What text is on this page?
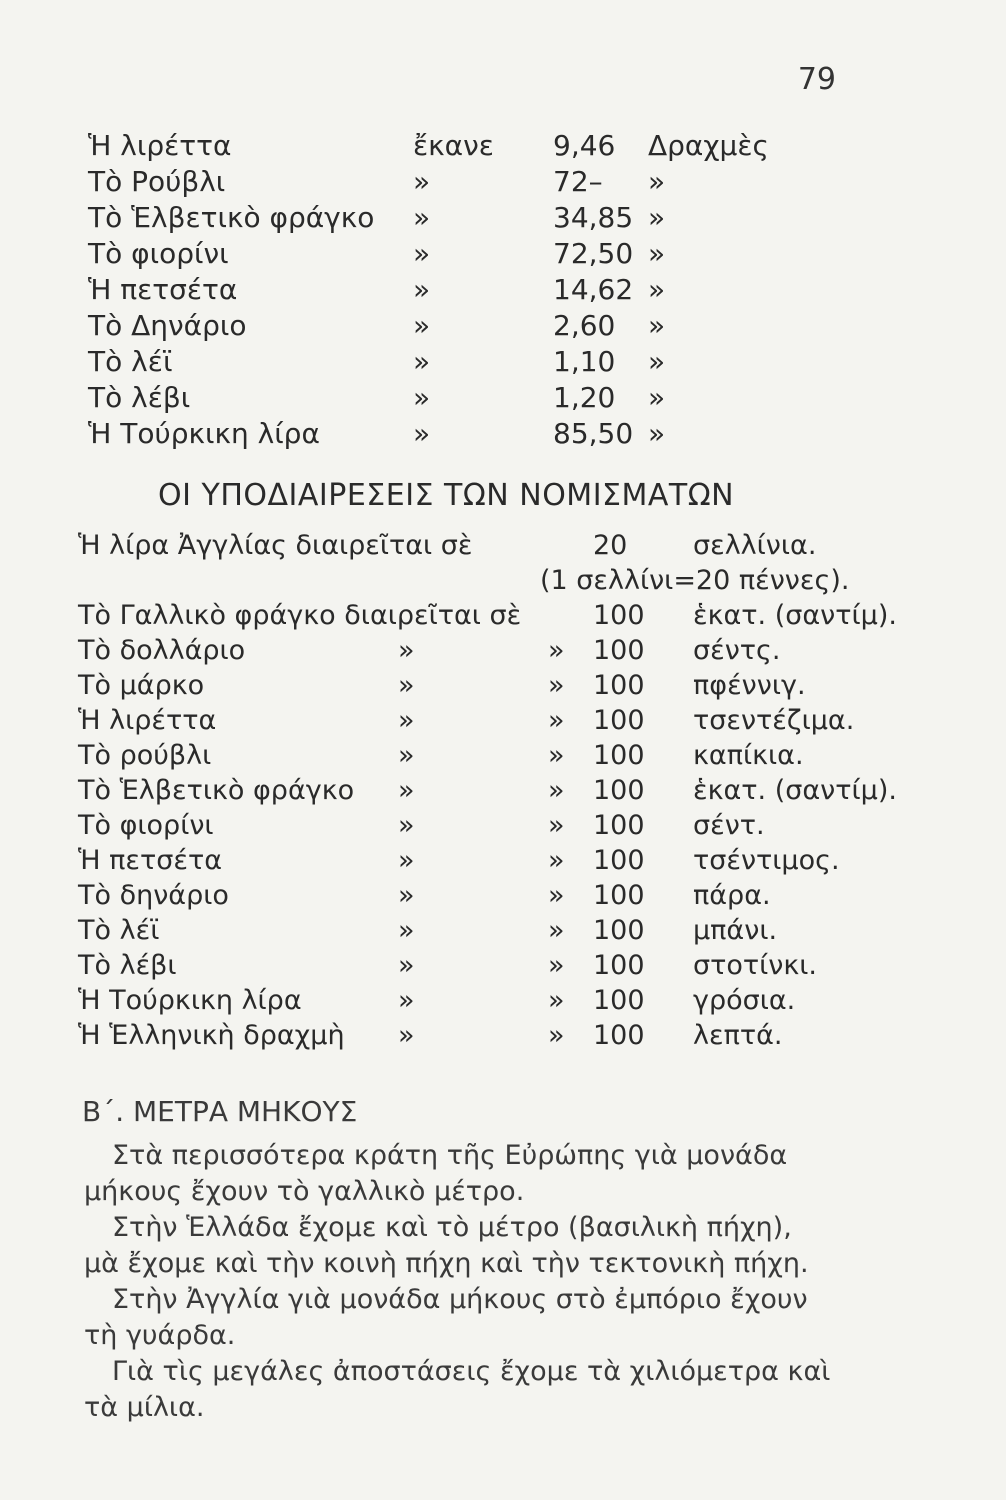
79
Ἡ λιρέττα	ἔκανε 9,46 Δραχμὲς
Τὸ Ρούβλι	»	72– »
Τὸ Ἑλβετικὸ φράγκο »	34,85 »
Τὸ φιορίνι	»	72,50 »
Ἡ πετσέτα	»	14,62 »
Τὸ Δηνάριο	»	2,60 »
Τὸ λέϊ	»	1,10 »
Τὸ λέβι	»	1,20 »
Ἡ Τούρκικη λίρα	»	85,50 »
ΟΙ ΥΠΟΔΙΑΙΡΕΣΕΙΣ ΤΩΝ ΝΟΜΙΣΜΑΤΩΝ
Ἡ λίρα Ἀγγλίας διαιρεῖται σὲ	20 σελλίνια.
(1 σελλίνι=20 πέννες).
Τὸ Γαλλικὸ φράγκο διαιρεῖται σὲ	100 ἑκατ. (σαντίμ).
Τὸ δολλάριο	»	» 100 σέντς.
Τὸ μάρκο	»	» 100 πφέννιγ.
Ἡ λιρέττα	»	» 100 τσεντέζιμα.
Τὸ ρούβλι	»	» 100 καπίκια.
Τὸ Ἑλβετικὸ φράγκο »	» 100 ἑκατ. (σαντίμ).
Τὸ φιορίνι	»	» 100 σέντ.
Ἡ πετσέτα	»	» 100 τσέντιμος.
Τὸ δηνάριο	»	» 100 πάρα.
Τὸ λέϊ	»	» 100 μπάνι.
Τὸ λέβι	»	» 100 στοτίνκι.
Ἡ Τούρκικη λίρα	»	» 100 γρόσια.
Ἡ Ἑλληνικὴ δραχμὴ »	» 100 λεπτά.
Β΄. ΜΕΤΡΑ ΜΗΚΟΥΣ

Στὰ περισσότερα κράτη τῆς Εὐρώπης γιὰ μονάδα

μήκους ἔχουν τὸ γαλλικὸ μέτρο.

Στὴν Ἑλλάδα ἔχομε καὶ τὸ μέτρο (βασιλικὴ πήχη),

μὰ ἔχομε καὶ τὴν κοινὴ πήχη καὶ τὴν τεκτονικὴ πήχη.

Στὴν Ἀγγλία γιὰ μονάδα μήκους στὸ ἐμπόριο ἔχουν

τὴ γυάρδα.

Γιὰ τὶς μεγάλες ἀποστάσεις ἔχομε τὰ χιλιόμετρα καὶ

τὰ μίλια.
